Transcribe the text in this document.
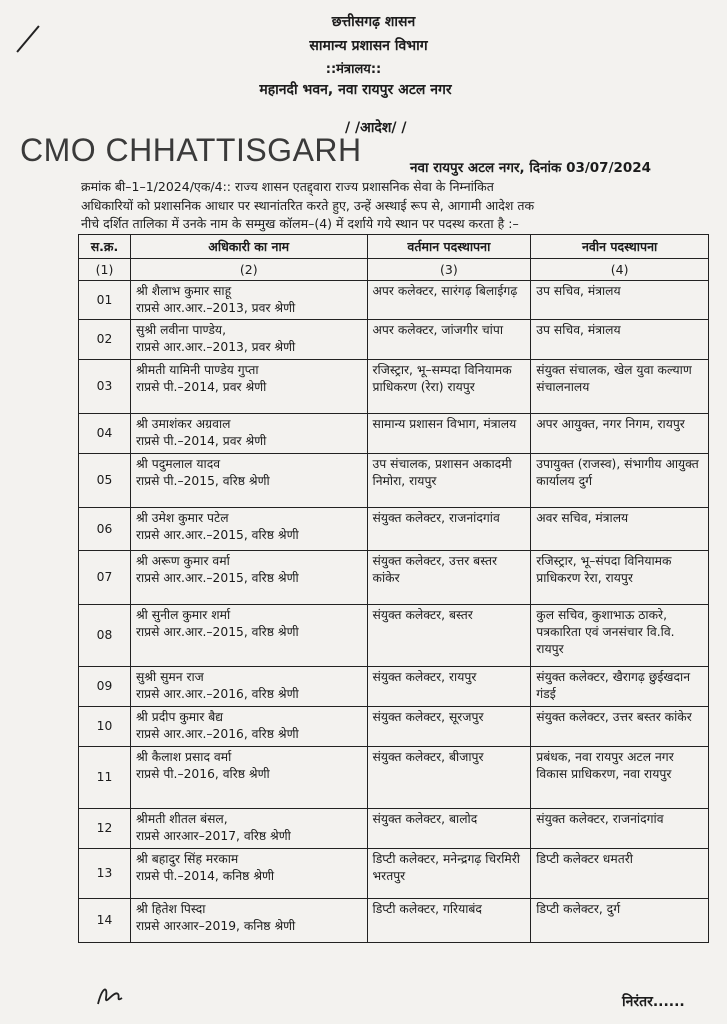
छत्तीसगढ़ शासन
सामान्य प्रशासन विभाग
::मंत्रालय::
महानदी भवन, नवा रायपुर अटल नगर
/ /आदेश/ /
CMO CHHATTISGARH	नवा रायपुर अटल नगर, दिनांक 03/07/2024
क्रमांक बी–1–1/2024/एक/4:: राज्य शासन एतद्द्वारा राज्य प्रशासनिक सेवा के निम्नांकित
अधिकारियों को प्रशासनिक आधार पर स्थानांतरित करते हुए, उन्हें अस्थाई रूप से, आगामी आदेश तक
नीचे दर्शित तालिका में उनके नाम के सम्मुख कॉलम–(4) में दर्शाये गये स्थान पर पदस्थ करता है :–
स.क्र.	अधिकारी का नाम	वर्तमान पदस्थापना	नवीन पदस्थापना
(1)	(2)	(3)	(4)
01	श्री शैलाभ कुमार साहू
राप्रसे आर.आर.–2013, प्रवर श्रेणी	अपर कलेक्टर, सारंगढ़ बिलाईगढ़	उप सचिव, मंत्रालय
02	सुश्री लवीना पाण्डेय,
राप्रसे आर.आर.–2013, प्रवर श्रेणी	अपर कलेक्टर, जांजगीर चांपा	उप सचिव, मंत्रालय
03	श्रीमती यामिनी पाण्डेय गुप्ता
राप्रसे पी.–2014, प्रवर श्रेणी	रजिस्ट्रार, भू–सम्पदा विनियामक प्राधिकरण (रेरा) रायपुर	संयुक्त संचालक, खेल युवा कल्याण संचालनालय
04	श्री उमाशंकर अग्रवाल
राप्रसे पी.–2014, प्रवर श्रेणी	सामान्य प्रशासन विभाग, मंत्रालय	अपर आयुक्त, नगर निगम, रायपुर
05	श्री पदुमलाल यादव
राप्रसे पी.–2015, वरिष्ठ श्रेणी	उप संचालक, प्रशासन अकादमी निमोरा, रायपुर	उपायुक्त (राजस्व), संभागीय आयुक्त कार्यालय दुर्ग
06	श्री उमेश कुमार पटेल
राप्रसे आर.आर.–2015, वरिष्ठ श्रेणी	संयुक्त कलेक्टर, राजनांदगांव	अवर सचिव, मंत्रालय
07	श्री अरूण कुमार वर्मा
राप्रसे आर.आर.–2015, वरिष्ठ श्रेणी	संयुक्त कलेक्टर, उत्तर बस्तर कांकेर	रजिस्ट्रार, भू–संपदा विनियामक प्राधिकरण रेरा, रायपुर
08	श्री सुनील कुमार शर्मा
राप्रसे आर.आर.–2015, वरिष्ठ श्रेणी	संयुक्त कलेक्टर, बस्तर	कुल सचिव, कुशाभाऊ ठाकरे, पत्रकारिता एवं जनसंचार वि.वि. रायपुर
09	सुश्री सुमन राज
राप्रसे आर.आर.–2016, वरिष्ठ श्रेणी	संयुक्त कलेक्टर, रायपुर	संयुक्त कलेक्टर, खैरागढ़ छुईखदान गंडई
10	श्री प्रदीप कुमार बैद्य
राप्रसे आर.आर.–2016, वरिष्ठ श्रेणी	संयुक्त कलेक्टर, सूरजपुर	संयुक्त कलेक्टर, उत्तर बस्तर कांकेर
11	श्री कैलाश प्रसाद वर्मा
राप्रसे पी.–2016, वरिष्ठ श्रेणी	संयुक्त कलेक्टर, बीजापुर	प्रबंधक, नवा रायपुर अटल नगर विकास प्राधिकरण, नवा रायपुर
12	श्रीमती शीतल बंसल,
राप्रसे आरआर–2017, वरिष्ठ श्रेणी	संयुक्त कलेक्टर, बालोद	संयुक्त कलेक्टर, राजनांदगांव
13	श्री बहादुर सिंह मरकाम
राप्रसे पी.–2014, कनिष्ठ श्रेणी	डिप्टी कलेक्टर, मनेन्द्रगढ़ चिरमिरी भरतपुर	डिप्टी कलेक्टर धमतरी
14	श्री हितेश पिस्दा
राप्रसे आरआर–2019, कनिष्ठ श्रेणी	डिप्टी कलेक्टर, गरियाबंद	डिप्टी कलेक्टर, दुर्ग
निरंतर......
